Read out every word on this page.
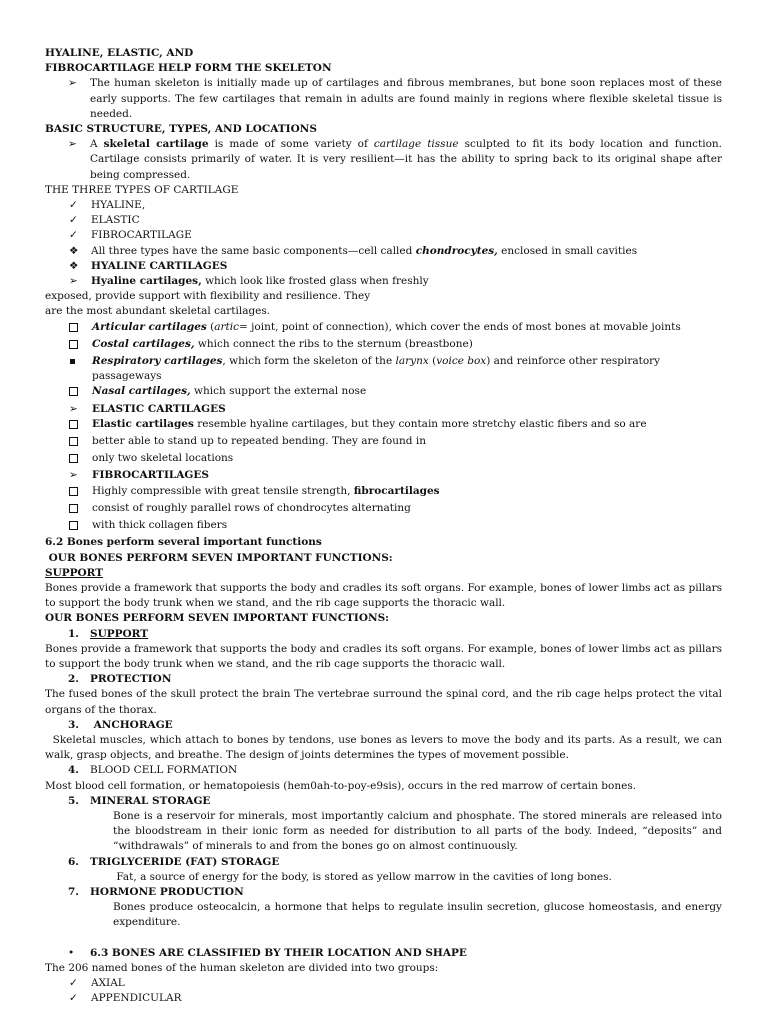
HYALINE, ELASTIC, AND
FIBROCARTILAGE HELP FORM THE SKELETON
➢	The human skeleton is initially made up of cartilages and fibrous membranes, but bone soon replaces most of these early supports. The few cartilages that remain in adults are found mainly in regions where flexible skeletal tissue is needed.
BASIC STRUCTURE, TYPES, AND LOCATIONS
➢	A skeletal cartilage is made of some variety of cartilage tissue sculpted to fit its body location and function. Cartilage consists primarily of water. It is very resilient—it has the ability to spring back to its original shape after being compressed.
THE THREE TYPES OF CARTILAGE
✓	HYALINE,
✓	ELASTIC
✓	FIBROCARTILAGE
❖	All three types have the same basic components—cell called chondrocytes, enclosed in small cavities
❖	HYALINE CARTILAGES
➢	Hyaline cartilages, which look like frosted glass when freshly
exposed, provide support with flexibility and resilience. They
are the most abundant skeletal cartilages.
Articular cartilages (artic= joint, point of connection), which cover the ends of most bones at movable joints
Costal cartilages, which connect the ribs to the sternum (breastbone)
Respiratory cartilages, which form the skeleton of the larynx (voice box) and reinforce other respiratory passageways
Nasal cartilages, which support the external nose
➢	ELASTIC CARTILAGES
Elastic cartilages resemble hyaline cartilages, but they contain more stretchy elastic fibers and so are
better able to stand up to repeated bending. They are found in
only two skeletal locations
➢	FIBROCARTILAGES
Highly compressible with great tensile strength, fibrocartilages
consist of roughly parallel rows of chondrocytes alternating
with thick collagen fibers
6.2 Bones perform several important functions
OUR BONES PERFORM SEVEN IMPORTANT FUNCTIONS:
SUPPORT
Bones provide a framework that supports the body and cradles its soft organs. For example, bones of lower limbs act as pillars to support the body trunk when we stand, and the rib cage supports the thoracic wall.
OUR BONES PERFORM SEVEN IMPORTANT FUNCTIONS:
1.	SUPPORT
Bones provide a framework that supports the body and cradles its soft organs. For example, bones of lower limbs act as pillars to support the body trunk when we stand, and the rib cage supports the thoracic wall.
2.	PROTECTION
The fused bones of the skull protect the brain The vertebrae surround the spinal cord, and the rib cage helps protect the vital organs of the thorax.
3.	ANCHORAGE
Skeletal muscles, which attach to bones by tendons, use bones as levers to move the body and its parts. As a result, we can walk, grasp objects, and breathe. The design of joints determines the types of movement possible.
4.	BLOOD CELL FORMATION
Most blood cell formation, or hematopoiesis (hem0ah-to-poy-e9sis), occurs in the red marrow of certain bones.
5.	MINERAL STORAGE
Bone is a reservoir for minerals, most importantly calcium and phosphate. The stored minerals are released into the bloodstream in their ionic form as needed for distribution to all parts of the body. Indeed, “deposits” and “withdrawals” of minerals to and from the bones go on almost continuously.
6.	TRIGLYCERIDE (FAT) STORAGE
Fat, a source of energy for the body, is stored as yellow marrow in the cavities of long bones.
7.	HORMONE PRODUCTION
Bones produce osteocalcin, a hormone that helps to regulate insulin secretion, glucose homeostasis, and energy expenditure.
•	6.3 BONES ARE CLASSIFIED BY THEIR LOCATION AND SHAPE
The 206 named bones of the human skeleton are divided into two groups:
✓	AXIAL
✓	APPENDICULAR
